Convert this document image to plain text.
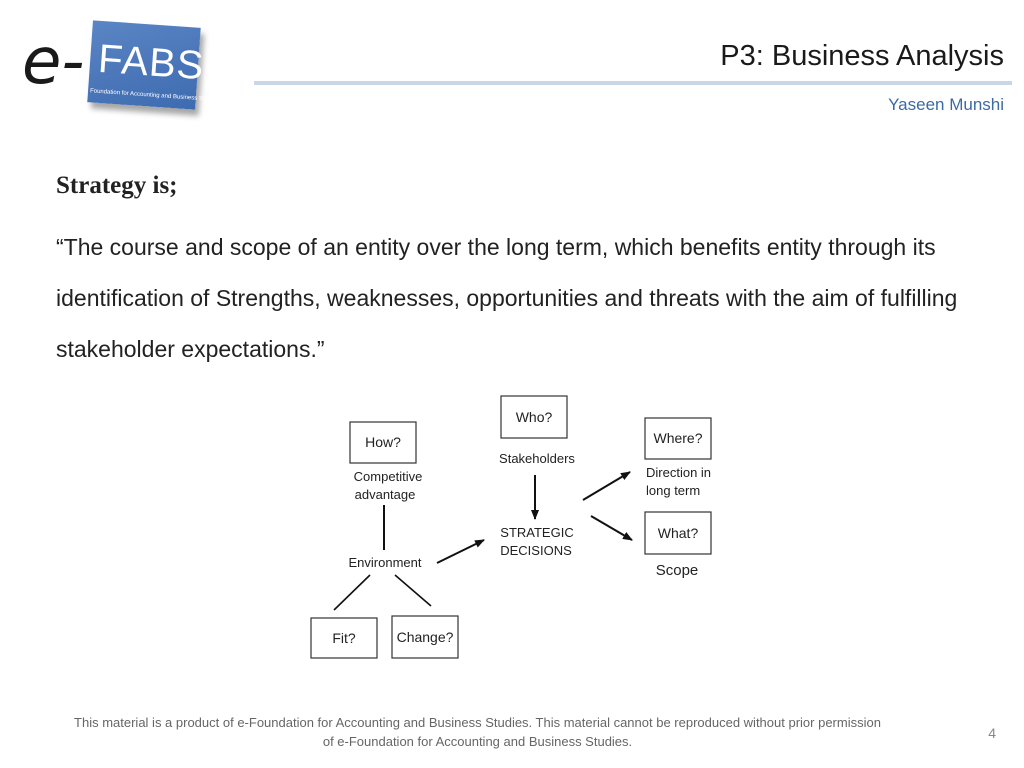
e- FABS
Foundation for Accounting and Business Studies
P3: Business Analysis
Yaseen Munshi
Strategy is;
“The course and scope of an entity over the long term, which benefits entity through its identification of Strengths, weaknesses, opportunities and threats with the aim of fulfilling stakeholder expectations.”
How?
Competitive
advantage
Environment
Fit?	Change?
Who?
Stakeholders
STRATEGIC
DECISIONS
Where?
Direction in
long term
What?
Scope
This material is a product of e-Foundation for Accounting and Business Studies. This material cannot be reproduced without prior permission
of e-Foundation for Accounting and Business Studies.
4
